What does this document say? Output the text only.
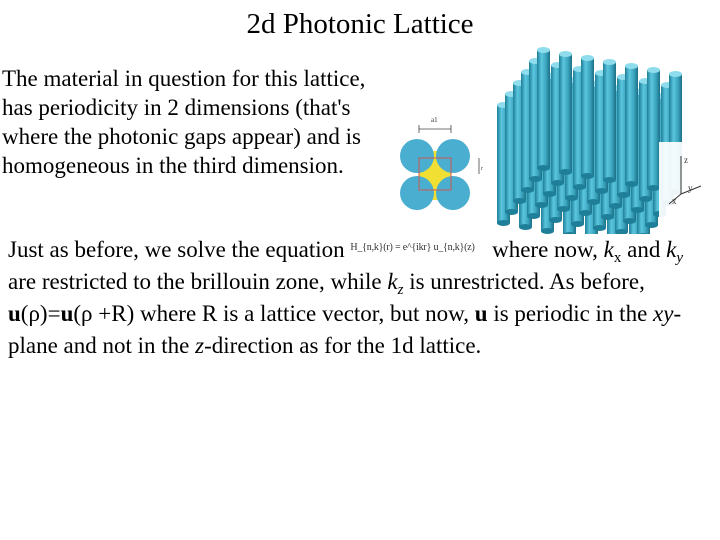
2d Photonic Lattice
The material in question for this lattice, has periodicity in 2 dimensions (that's where the photonic gaps appear) and is homogeneous in the third dimension.
a1
r
z
y
x
Just as before, we solve the equation H_{n,k}(r) = e^{ikr} u_{n,k}(z) where now, $k_x$ and $k_y$ are restricted to the brillouin zone, while $k_z$ is unrestricted. As before, u(ρ)=u(ρ +R) where R is a lattice vector, but now, u is periodic in the xy-plane and not in the z-direction as for the 1d lattice.
